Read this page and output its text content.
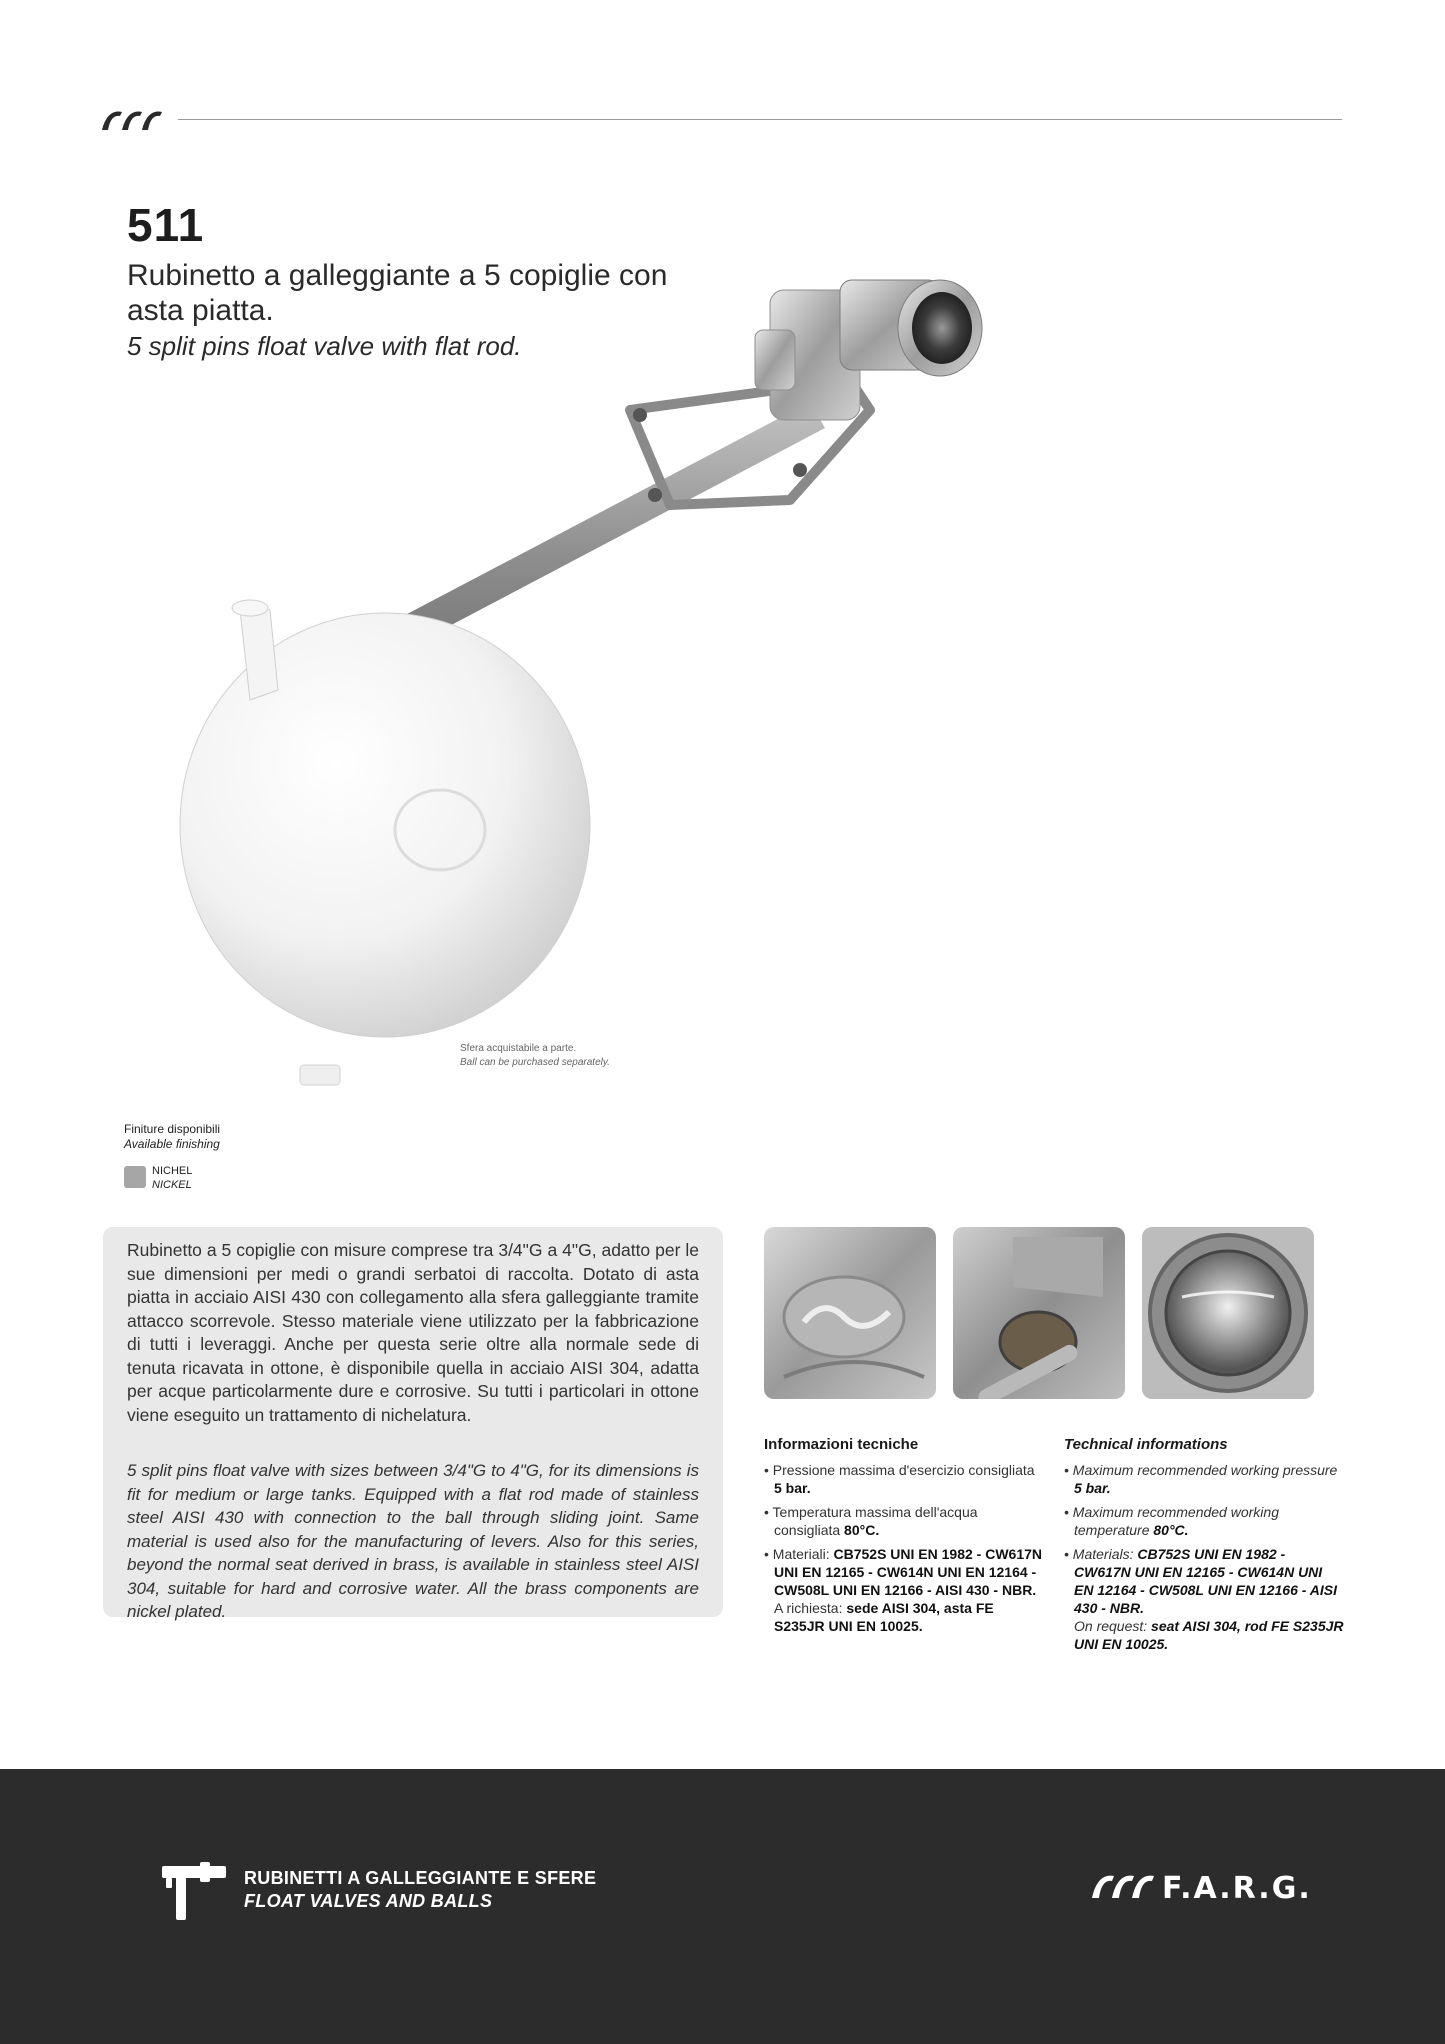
511
Rubinetto a galleggiante a 5 copiglie con asta piatta.
5 split pins float valve with flat rod.
Sfera acquistabile a parte.
Ball can be purchased separately.
Finiture disponibili
Available finishing
NICHEL
NICKEL
Rubinetto a 5 copiglie con misure comprese tra 3/4"G a 4"G, adatto per le sue dimensioni per medi o grandi serbatoi di raccolta. Dotato di asta piatta in acciaio AISI 430 con collegamento alla sfera galleggiante tramite attacco scorrevole. Stesso materiale viene utilizzato per la fabbricazione di tutti i leveraggi. Anche per questa serie oltre alla normale sede di tenuta ricavata in ottone, è disponibile quella in acciaio AISI 304, adatta per acque particolarmente dure e corrosive. Su tutti i particolari in ottone viene eseguito un trattamento di nichelatura.
5 split pins float valve with sizes between 3/4"G to 4"G, for its dimensions is fit for medium or large tanks. Equipped with a flat rod made of stainless steel AISI 430 with connection to the ball through sliding joint. Same material is used also for the manufacturing of levers. Also for this series, beyond the normal seat derived in brass, is available in stainless steel AISI 304, suitable for hard and corrosive water. All the brass components are nickel plated.
Informazioni tecniche
• Pressione massima d'esercizio consigliata 5 bar.
• Temperatura massima dell'acqua consigliata 80°C.
• Materiali: CB752S UNI EN 1982 - CW617N UNI EN 12165 - CW614N UNI EN 12164 - CW508L UNI EN 12166 - AISI 430 - NBR.
A richiesta: sede AISI 304, asta FE S235JR UNI EN 10025.
Technical informations
• Maximum recommended working pressure 5 bar.
• Maximum recommended working temperature 80°C.
• Materials: CB752S UNI EN 1982 - CW617N UNI EN 12165 - CW614N UNI EN 12164 - CW508L UNI EN 12166 - AISI 430 - NBR.
On request: seat AISI 304, rod FE S235JR UNI EN 10025.
RUBINETTI A GALLEGGIANTE E SFERE
FLOAT VALVES AND BALLS	F.A.R.G.
